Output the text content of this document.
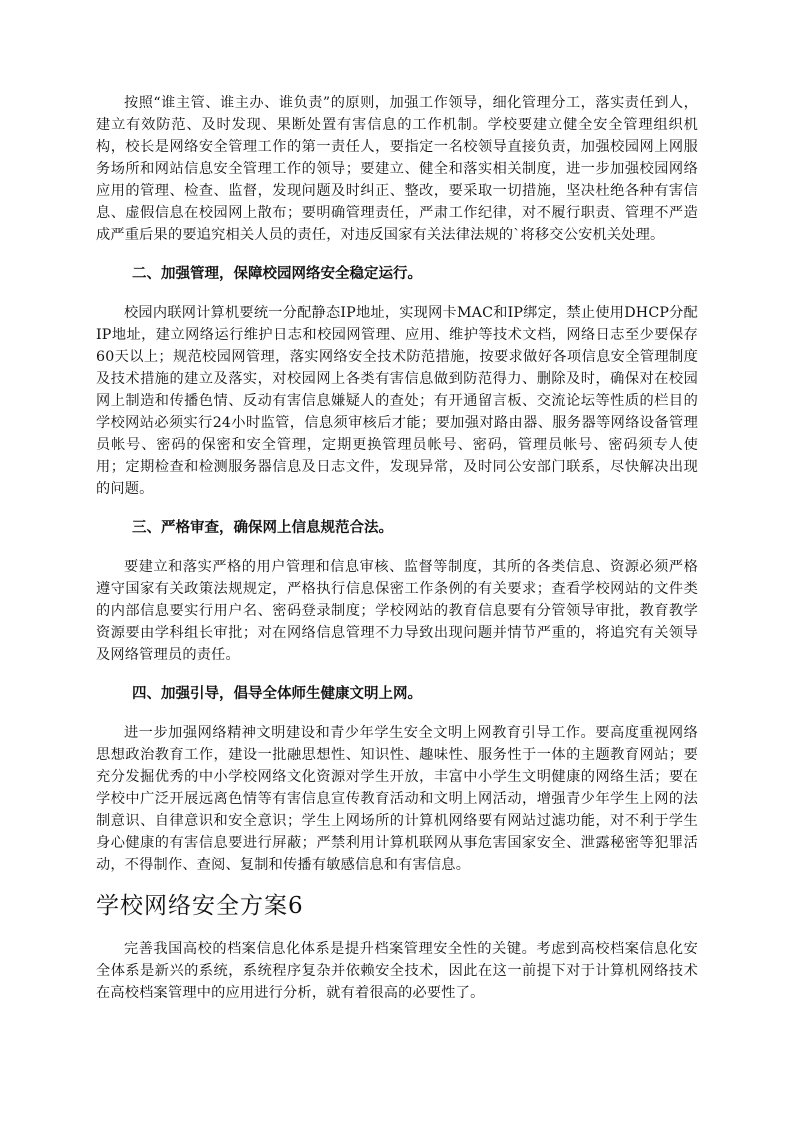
按照“谁主管、谁主办、谁负责”的原则，加强工作领导，细化管理分工，落实责任到人，建立有效防范、及时发现、果断处置有害信息的工作机制。学校要建立健全安全管理组织机构，校长是网络安全管理工作的第一责任人，要指定一名校领导直接负责，加强校园网上网服务场所和网站信息安全管理工作的领导；要建立、健全和落实相关制度，进一步加强校园网络应用的管理、检查、监督，发现问题及时纠正、整改，要采取一切措施，坚决杜绝各种有害信息、虚假信息在校园网上散布；要明确管理责任，严肃工作纪律，对不履行职责、管理不严造成严重后果的要追究相关人员的责任，对违反国家有关法律法规的`将移交公安机关处理。

二、加强管理，保障校园网络安全稳定运行。

校园内联网计算机要统一分配静态IP地址，实现网卡MAC和IP绑定，禁止使用DHCP分配IP地址，建立网络运行维护日志和校园网管理、应用、维护等技术文档，网络日志至少要保存60天以上；规范校园网管理，落实网络安全技术防范措施，按要求做好各项信息安全管理制度及技术措施的建立及落实，对校园网上各类有害信息做到防范得力、删除及时，确保对在校园网上制造和传播色情、反动有害信息嫌疑人的查处；有开通留言板、交流论坛等性质的栏目的学校网站必须实行24小时监管，信息须审核后才能；要加强对路由器、服务器等网络设备管理员帐号、密码的保密和安全管理，定期更换管理员帐号、密码，管理员帐号、密码须专人使用；定期检查和检测服务器信息及日志文件，发现异常，及时同公安部门联系，尽快解决出现的问题。

三、严格审查，确保网上信息规范合法。

要建立和落实严格的用户管理和信息审核、监督等制度，其所的各类信息、资源必须严格遵守国家有关政策法规规定，严格执行信息保密工作条例的有关要求；查看学校网站的文件类的内部信息要实行用户名、密码登录制度；学校网站的教育信息要有分管领导审批，教育教学资源要由学科组长审批；对在网络信息管理不力导致出现问题并情节严重的，将追究有关领导及网络管理员的责任。

四、加强引导，倡导全体师生健康文明上网。

进一步加强网络精神文明建设和青少年学生安全文明上网教育引导工作。要高度重视网络思想政治教育工作，建设一批融思想性、知识性、趣味性、服务性于一体的主题教育网站；要充分发掘优秀的中小学校网络文化资源对学生开放，丰富中小学生文明健康的网络生活；要在学校中广泛开展远离色情等有害信息宣传教育活动和文明上网活动，增强青少年学生上网的法制意识、自律意识和安全意识；学生上网场所的计算机网络要有网站过滤功能，对不利于学生身心健康的有害信息要进行屏蔽；严禁利用计算机联网从事危害国家安全、泄露秘密等犯罪活动，不得制作、查阅、复制和传播有敏感信息和有害信息。

学校网络安全方案6

完善我国高校的档案信息化体系是提升档案管理安全性的关键。考虑到高校档案信息化安全体系是新兴的系统，系统程序复杂并依赖安全技术，因此在这一前提下对于计算机网络技术在高校档案管理中的应用进行分析，就有着很高的必要性了。
